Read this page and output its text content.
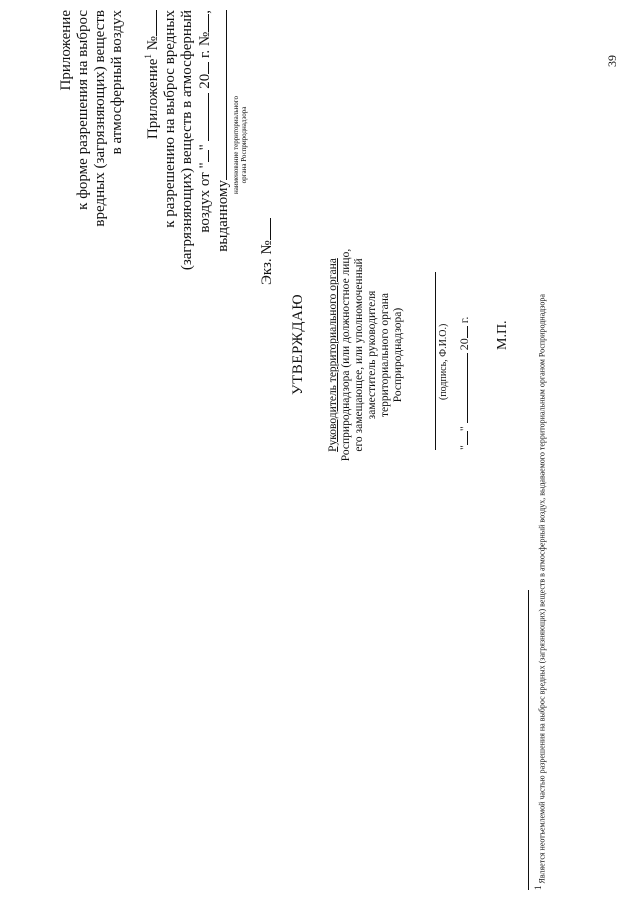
Приложение к форме разрешения на выброс вредных (загрязняющих) веществ в атмосферный воздух	Приложение$^1$ № к разрешению на выброс вредных (загрязняющих) веществ в атмосферный воздух от ""  20 г. №,
выданному
наименование территориального органа Росприроднадзора
Экз. №
УТВЕРЖДАЮ Руководитель территориального органа Росприроднадзора (или должностное лицо, его замещающее, или уполномоченный заместитель руководителя территориального органа Росприроднадзора)	(подпись, Ф.И.О.)
""  20 г.
М.П.
$^1$ Является неотъемлемой частью разрешения на выброс вредных (загрязняющих) веществ в атмосферный воздух, выдаваемого территориальным органом Росприроднадзора
39
